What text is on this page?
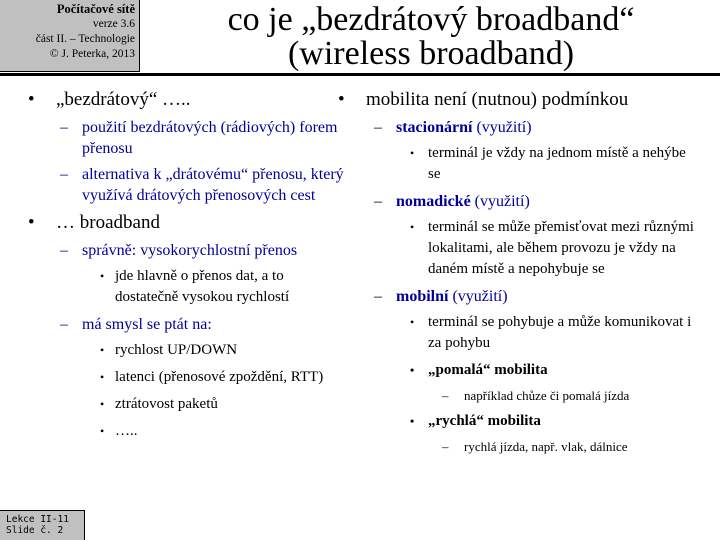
Počítačové sítě
verze 3.6
část II. – Technologie
© J. Peterka, 2013
co je „bezdrátový broadband“
(wireless broadband)
• „bezdrátový“ …..
– použití bezdrátových (rádiových) forem přenosu
– alternativa k „drátovému“ přenosu, který využívá drátových přenosových cest
• … broadband
– správně: vysokorychlostní přenos
• jde hlavně o přenos dat, a to dostatečně vysokou rychlostí
– má smysl se ptát na:
• rychlost UP/DOWN
• latenci (přenosové zpoždění, RTT)
• ztrátovost paketů
• …..
• mobilita není (nutnou) podmínkou
– stacionární (využití)
• terminál je vždy na jednom místě a nehýbe se
– nomadické (využití)
• terminál se může přemisťovat mezi různými lokalitami, ale během provozu je vždy na daném místě a nepohybuje se
– mobilní (využití)
• terminál se pohybuje a může komunikovat i za pohybu
• „pomalá“ mobilita
– například chůze či pomalá jízda
• „rychlá“ mobilita
– rychlá jízda, např. vlak, dálnice
Lekce II-11
Slide č. 2
